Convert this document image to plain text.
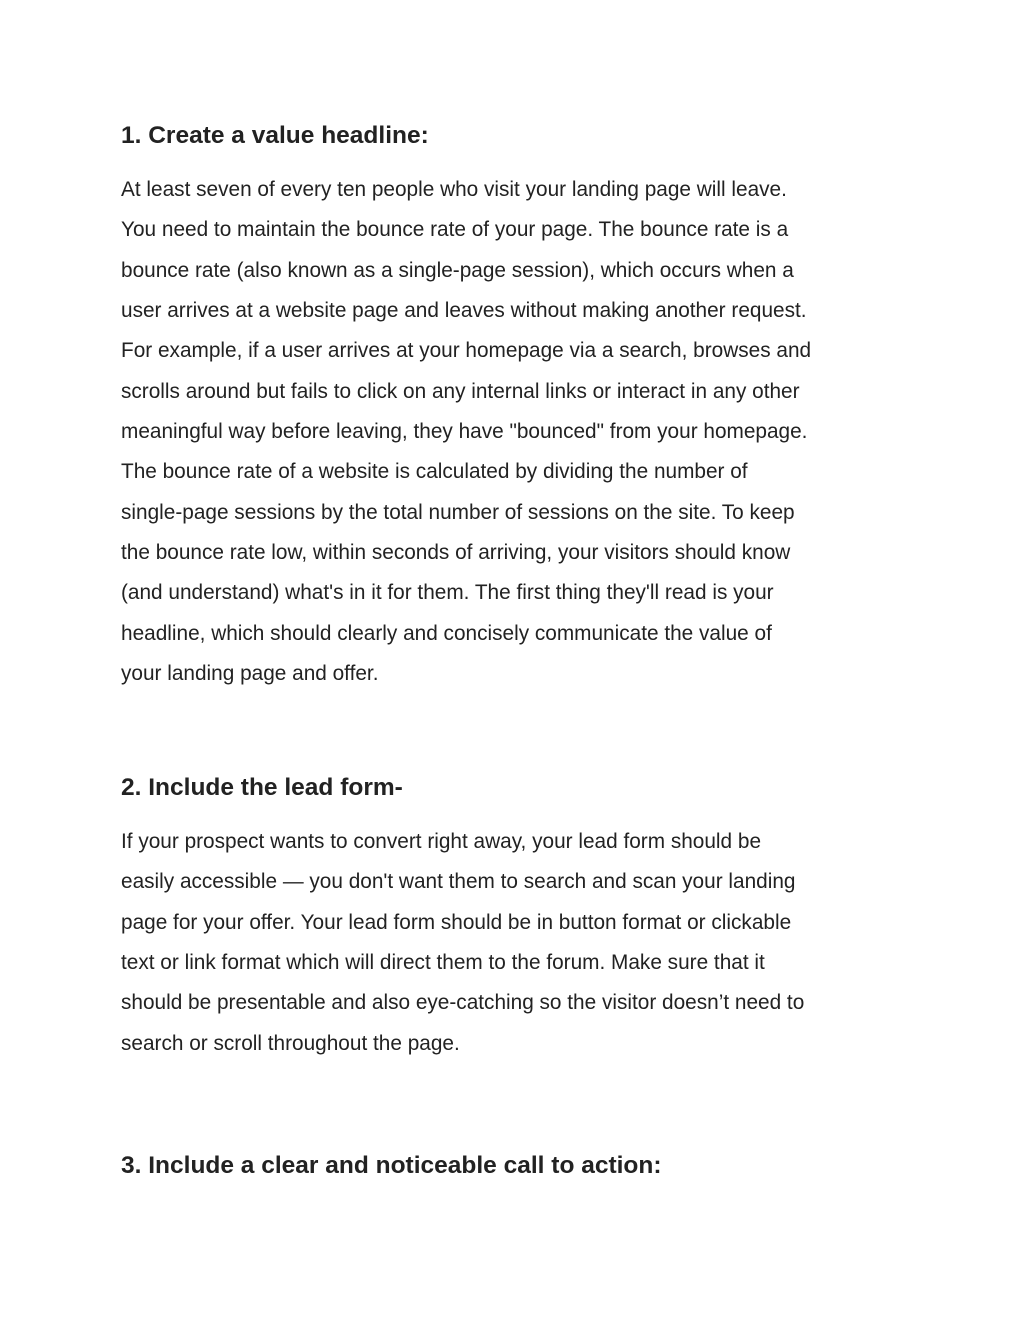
1. Create a value headline:

At least seven of every ten people who visit your landing page will leave.
You need to maintain the bounce rate of your page. The bounce rate is a
bounce rate (also known as a single-page session), which occurs when a
user arrives at a website page and leaves without making another request.
For example, if a user arrives at your homepage via a search, browses and
scrolls around but fails to click on any internal links or interact in any other
meaningful way before leaving, they have "bounced" from your homepage.
The bounce rate of a website is calculated by dividing the number of
single-page sessions by the total number of sessions on the site. To keep
the bounce rate low, within seconds of arriving, your visitors should know
(and understand) what's in it for them. The first thing they'll read is your
headline, which should clearly and concisely communicate the value of
your landing page and offer.

2. Include the lead form-

If your prospect wants to convert right away, your lead form should be
easily accessible — you don't want them to search and scan your landing
page for your offer. Your lead form should be in button format or clickable
text or link format which will direct them to the forum. Make sure that it
should be presentable and also eye-catching so the visitor doesn’t need to
search or scroll throughout the page.

3. Include a clear and noticeable call to action:
